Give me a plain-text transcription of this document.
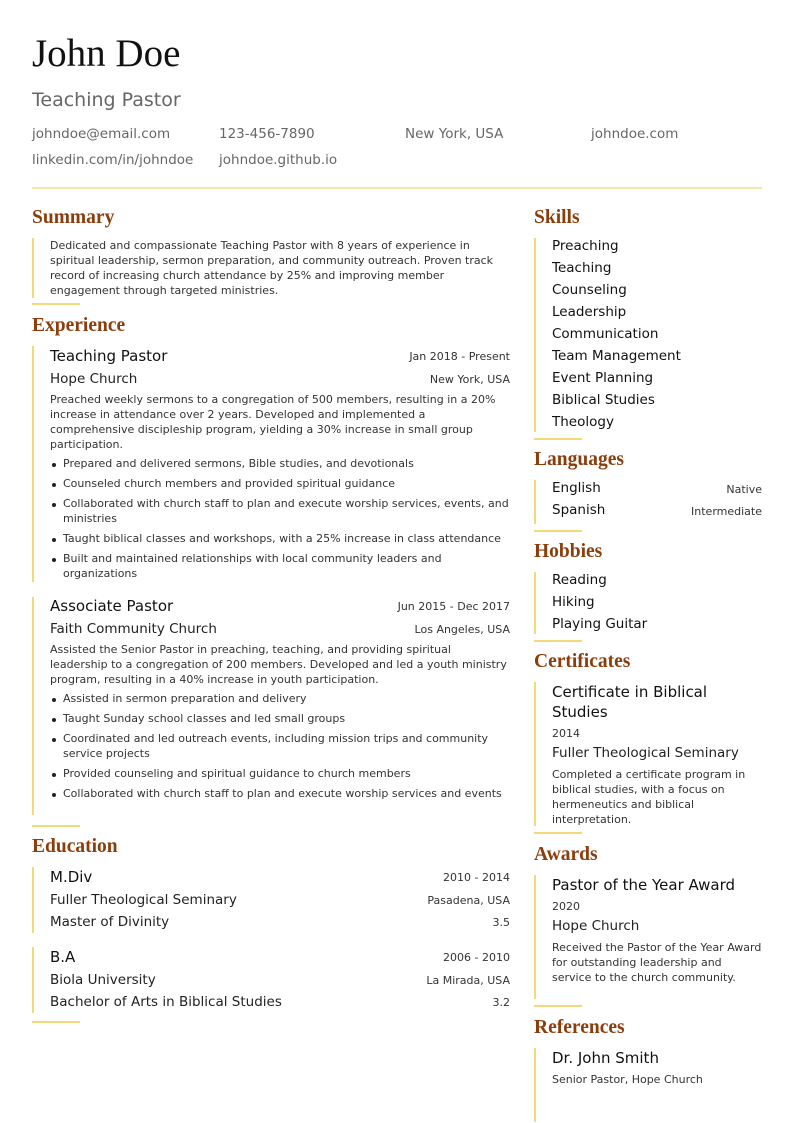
John Doe
Teaching Pastor
johndoe@email.com	123-456-7890	New York, USA	johndoe.com
linkedin.com/in/johndoe johndoe.github.io
Summary
Dedicated and compassionate Teaching Pastor with 8 years of experience in spiritual leadership, sermon preparation, and community outreach. Proven track record of increasing church attendance by 25% and improving member engagement through targeted ministries.
Experience
Teaching Pastor	Jan 2018 - Present
Hope Church	New York, USA
Preached weekly sermons to a congregation of 500 members, resulting in a 20% increase in attendance over 2 years. Developed and implemented a comprehensive discipleship program, yielding a 30% increase in small group participation.
Prepared and delivered sermons, Bible studies, and devotionals
Counseled church members and provided spiritual guidance
Collaborated with church staff to plan and execute worship services, events, and ministries
Taught biblical classes and workshops, with a 25% increase in class attendance
Built and maintained relationships with local community leaders and organizations
Associate Pastor	Jun 2015 - Dec 2017
Faith Community Church	Los Angeles, USA
Assisted the Senior Pastor in preaching, teaching, and providing spiritual leadership to a congregation of 200 members. Developed and led a youth ministry program, resulting in a 40% increase in youth participation.
Assisted in sermon preparation and delivery
Taught Sunday school classes and led small groups
Coordinated and led outreach events, including mission trips and community service projects
Provided counseling and spiritual guidance to church members
Collaborated with church staff to plan and execute worship services and events
Education
M.Div	2010 - 2014
Fuller Theological Seminary	Pasadena, USA
Master of Divinity	3.5
B.A	2006 - 2010
Biola University	La Mirada, USA
Bachelor of Arts in Biblical Studies	3.2
Skills
Preaching
Teaching
Counseling
Leadership
Communication
Team Management
Event Planning
Biblical Studies
Theology
Languages
English	Native
Spanish	Intermediate
Hobbies
Reading
Hiking
Playing Guitar
Certificates
Certificate in Biblical Studies
2014
Fuller Theological Seminary
Completed a certificate program in biblical studies, with a focus on hermeneutics and biblical interpretation.
Awards
Pastor of the Year Award
2020
Hope Church
Received the Pastor of the Year Award for outstanding leadership and service to the church community.
References
Dr. John Smith
Senior Pastor, Hope Church
